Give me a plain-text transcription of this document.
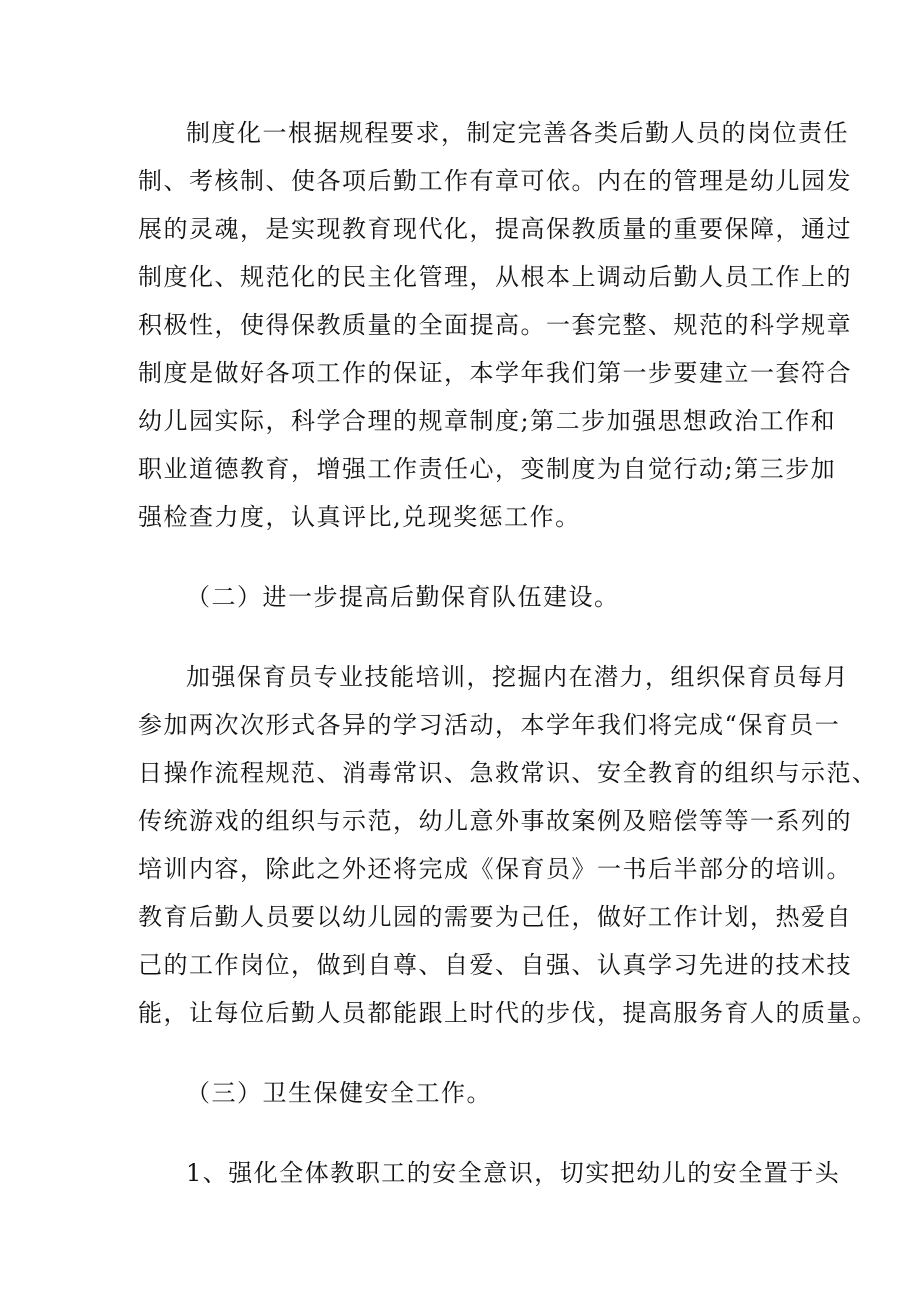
制度化一根据规程要求，制定完善各类后勤人员的岗位责任
制、考核制、使各项后勤工作有章可依。内在的管理是幼儿园发
展的灵魂，是实现教育现代化，提高保教质量的重要保障，通过
制度化、规范化的民主化管理，从根本上调动后勤人员工作上的
积极性，使得保教质量的全面提高。一套完整、规范的科学规章
制度是做好各项工作的保证，本学年我们第一步要建立一套符合
幼儿园实际，科学合理的规章制度;第二步加强思想政治工作和
职业道德教育，增强工作责任心，变制度为自觉行动;第三步加
强检查力度，认真评比,兑现奖惩工作。
（二）进一步提高后勤保育队伍建设。
加强保育员专业技能培训，挖掘内在潜力，组织保育员每月
参加两次次形式各异的学习活动，本学年我们将完成“保育员一
日操作流程规范、消毒常识、急救常识、安全教育的组织与示范、
传统游戏的组织与示范，幼儿意外事故案例及赔偿等等一系列的
培训内容，除此之外还将完成《保育员》一书后半部分的培训。
教育后勤人员要以幼儿园的需要为己任，做好工作计划，热爱自
己的工作岗位，做到自尊、自爱、自强、认真学习先进的技术技
能，让每位后勤人员都能跟上时代的步伐，提高服务育人的质量。
（三）卫生保健安全工作。
1、强化全体教职工的安全意识，切实把幼儿的安全置于头
